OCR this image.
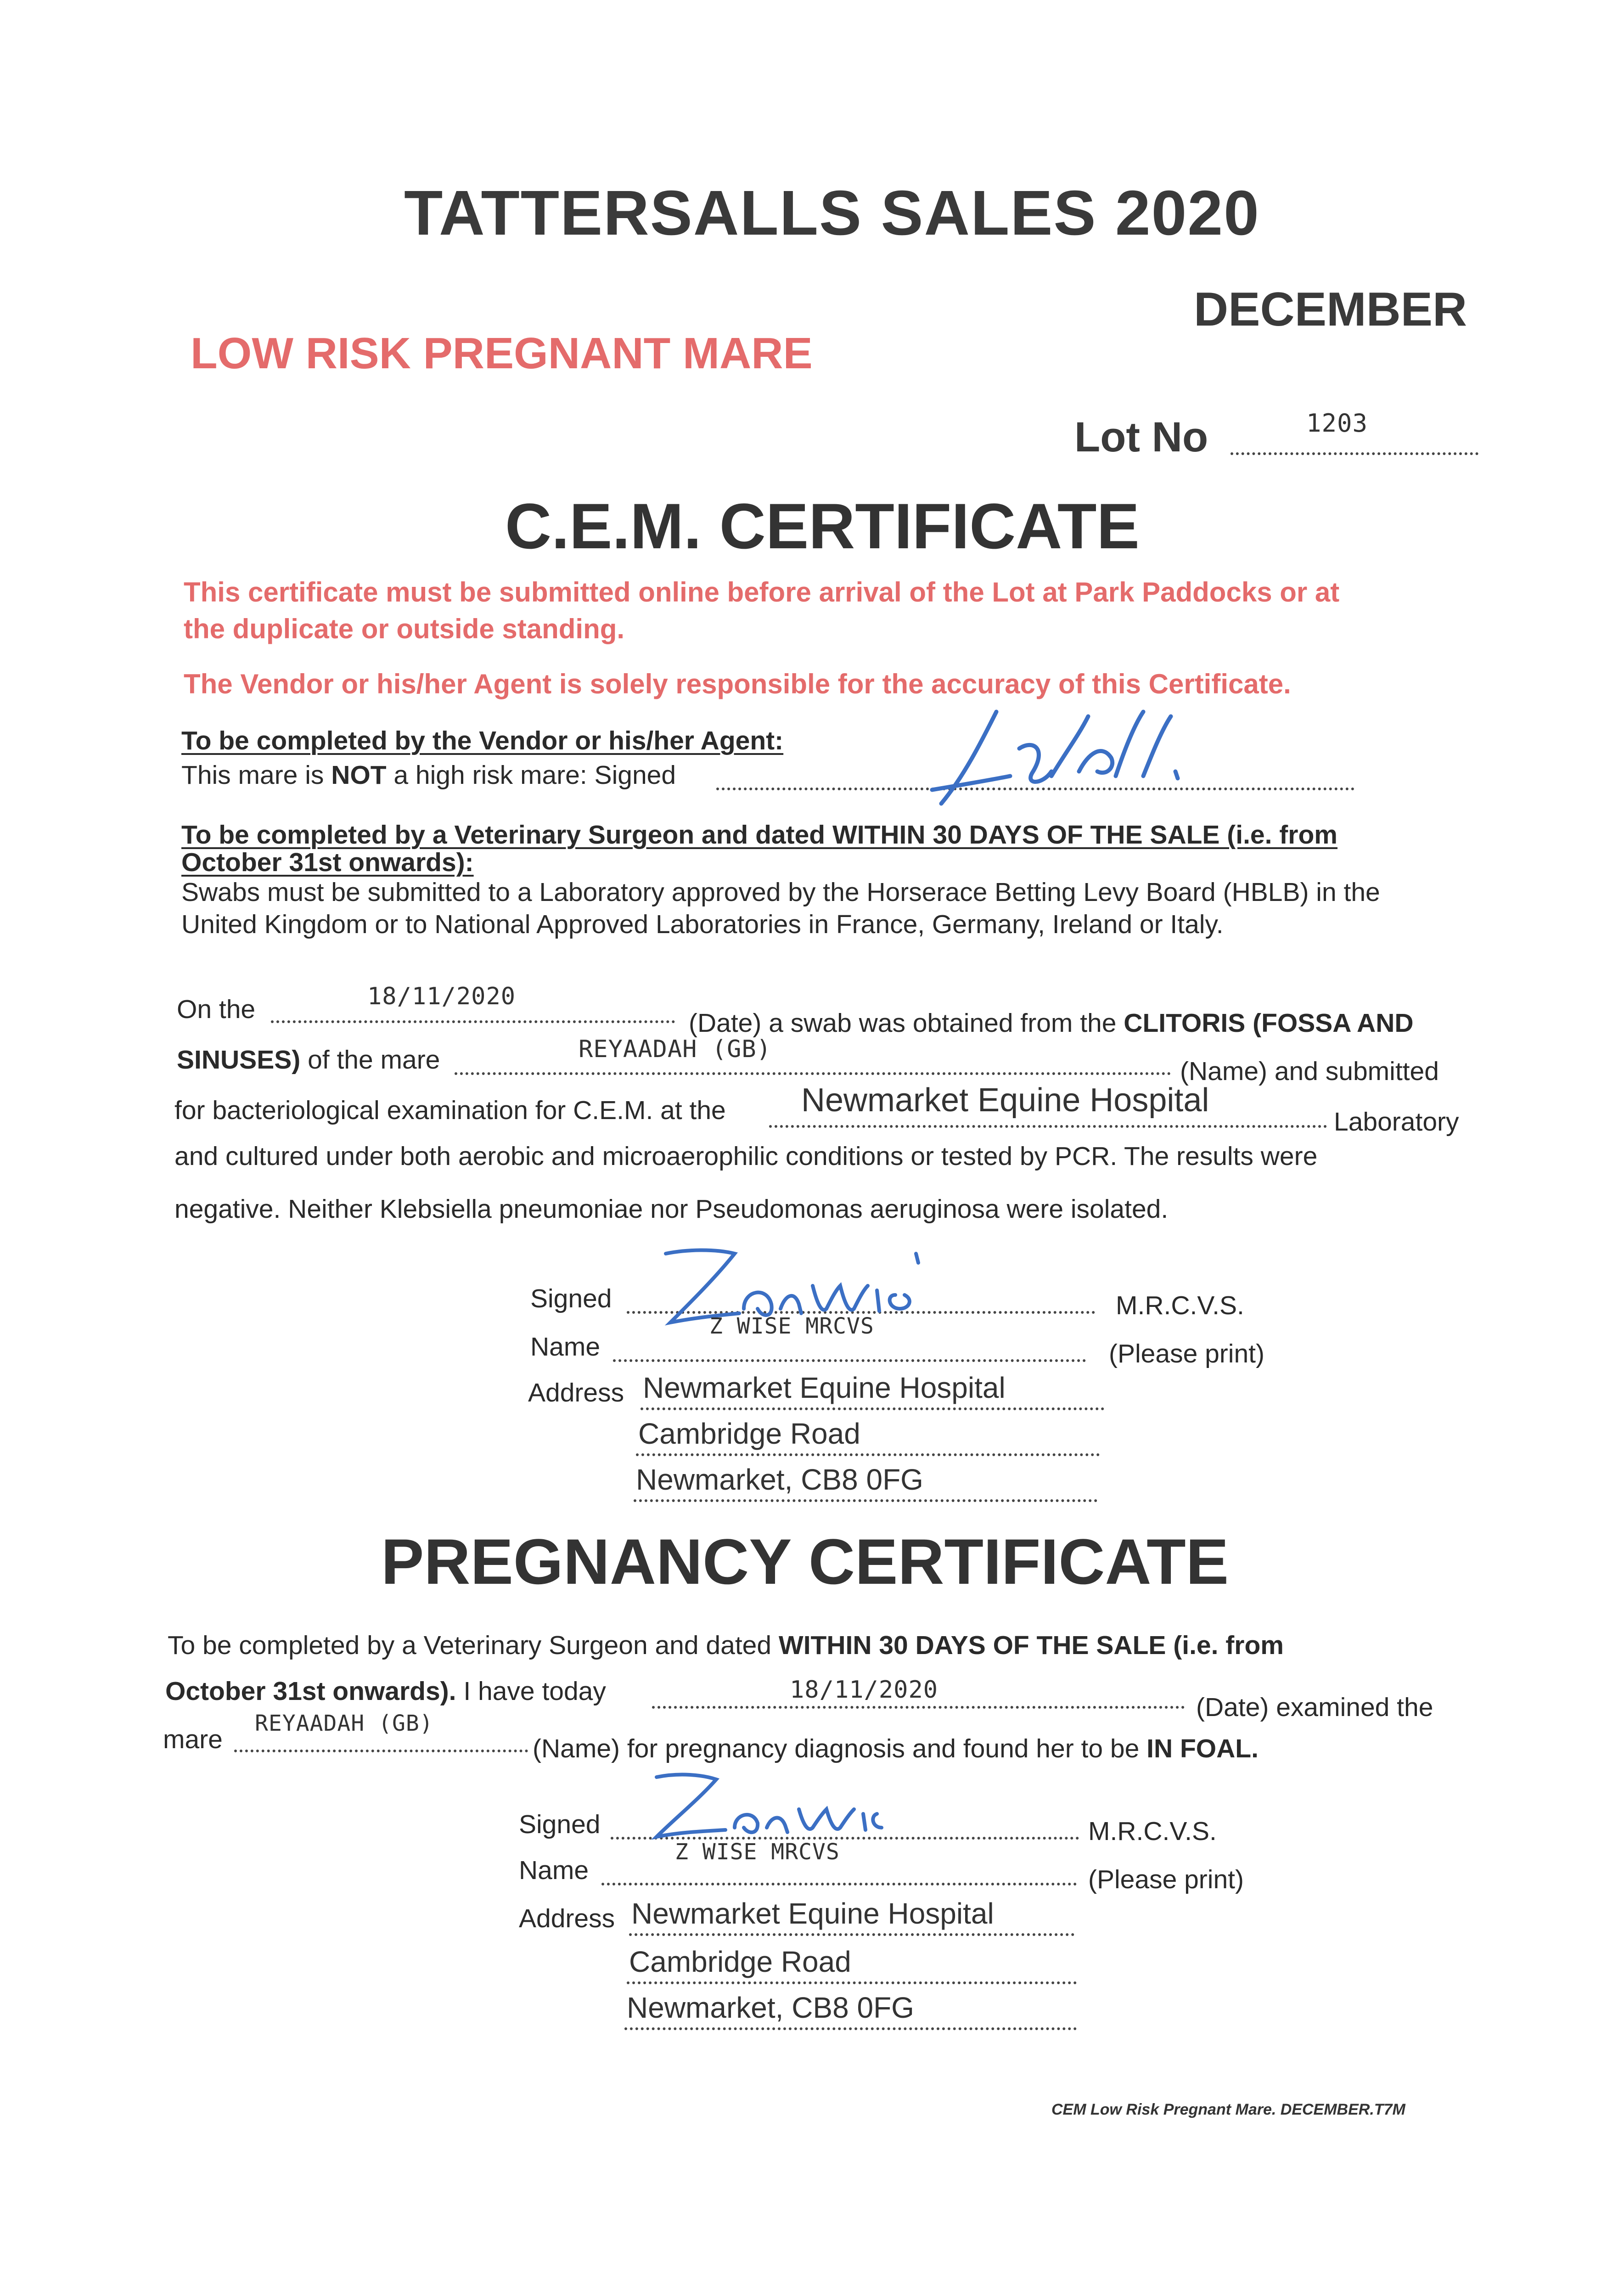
TATTERSALLS SALES 2020
DECEMBER
LOW RISK PREGNANT MARE
Lot No	1203
C.E.M. CERTIFICATE
This certificate must be submitted online before arrival of the Lot at Park Paddocks or at
the duplicate or outside standing.
The Vendor or his/her Agent is solely responsible for the accuracy of this Certificate.
To be completed by the Vendor or his/her Agent:
This mare is NOT a high risk mare: Signed
To be completed by a Veterinary Surgeon and dated WITHIN 30 DAYS OF THE SALE (i.e. from
October 31st onwards):
Swabs must be submitted to a Laboratory approved by the Horserace Betting Levy Board (HBLB) in the
United Kingdom or to National Approved Laboratories in France, Germany, Ireland or Italy.
On the	18/11/2020
(Date) a swab was obtained from the CLITORIS (FOSSA AND
SINUSES) of the mare	REYAADAH (GB)
(Name) and submitted
for bacteriological examination for C.E.M. at the Newmarket Equine Hospital
Laboratory
and cultured under both aerobic and microaerophilic conditions or tested by PCR. The results were
negative. Neither Klebsiella pneumoniae nor Pseudomonas aeruginosa were isolated.
Signed	M.R.C.V.S.
Name
Z WISE MRCVS
(Please print)
Address Newmarket Equine Hospital
Cambridge Road
Newmarket, CB8 0FG
PREGNANCY CERTIFICATE
To be completed by a Veterinary Surgeon and dated WITHIN 30 DAYS OF THE SALE (i.e. from
October 31st onwards). I have today	18/11/2020
(Date) examined the
mare
REYAADAH (GB)
(Name) for pregnancy diagnosis and found her to be IN FOAL.
Signed	M.R.C.V.S.
Name
Z WISE MRCVS
(Please print)
Address Newmarket Equine Hospital
Cambridge Road
Newmarket, CB8 0FG
CEM Low Risk Pregnant Mare. DECEMBER.T7M
